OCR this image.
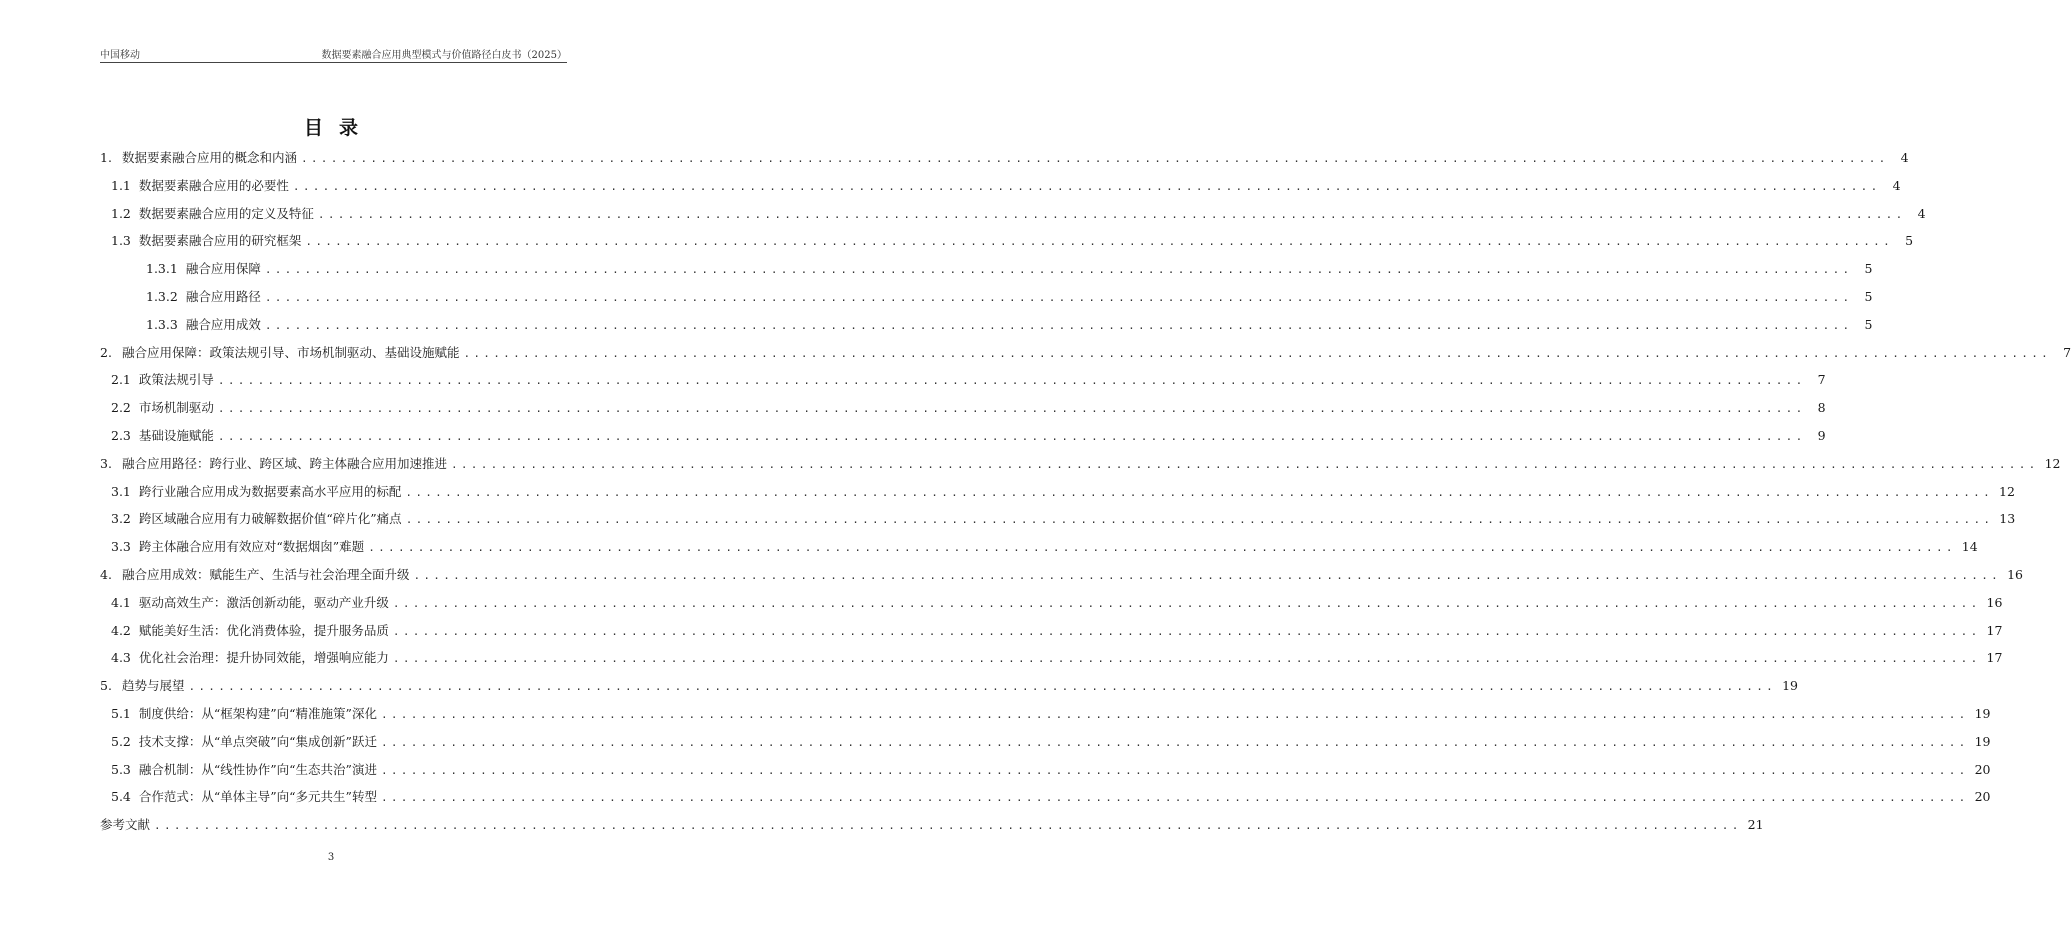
中国移动	数据要素融合应用典型模式与价值路径白皮书（2025）
目录
1. 数据要素融合应用的概念和内涵 .....	4
1.1 数据要素融合应用的必要性 .....	4
1.2 数据要素融合应用的定义及特征 .....	4
1.3 数据要素融合应用的研究框架 .....	5
1.3.1 融合应用保障 .....	5
1.3.2 融合应用路径 .....	5
1.3.3 融合应用成效 .....	5
2. 融合应用保障：政策法规引导、市场机制驱动、基础设施赋能 .....	7
2.1 政策法规引导 .....	7
2.2 市场机制驱动 .....	8
2.3 基础设施赋能 .....	9
3. 融合应用路径：跨行业、跨区域、跨主体融合应用加速推进 .....	12
3.1 跨行业融合应用成为数据要素高水平应用的标配 .....	12
3.2 跨区域融合应用有力破解数据价值“碎片化”痛点 .....	13
3.3 跨主体融合应用有效应对“数据烟囱”难题 .....	14
4. 融合应用成效：赋能生产、生活与社会治理全面升级 .....	16
4.1 驱动高效生产：激活创新动能，驱动产业升级 .....	16
4.2 赋能美好生活：优化消费体验，提升服务品质 .....	17
4.3 优化社会治理：提升协同效能，增强响应能力 .....	17
5. 趋势与展望 .....	19
5.1 制度供给：从“框架构建”向“精准施策”深化 .....	19
5.2 技术支撑：从“单点突破”向“集成创新”跃迁 .....	19
5.3 融合机制：从“线性协作”向“生态共治”演进 .....	20
5.4 合作范式：从“单体主导”向“多元共生”转型 .....	20
参考文献 .....	21
3
